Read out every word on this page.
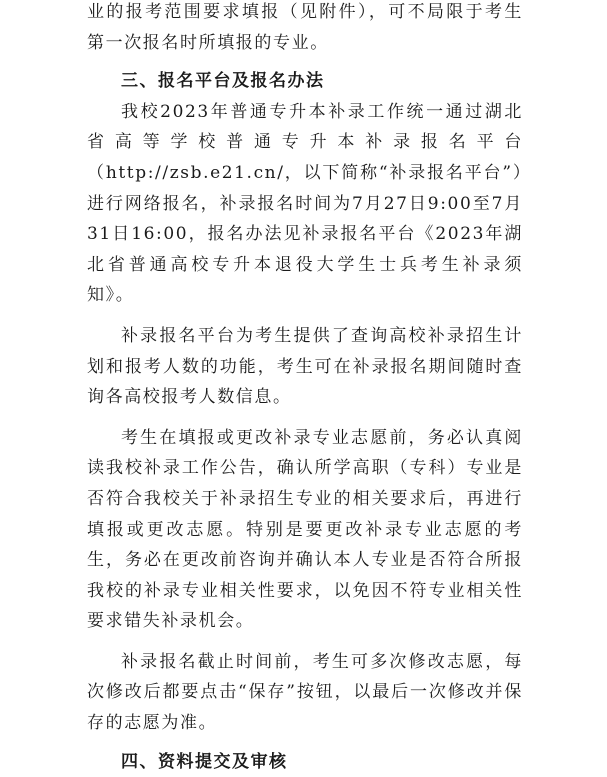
业的报考范围要求填报（见附件），可不局限于考生第一次报名时所填报的专业。

三、报名平台及报名办法

我校2023年普通专升本补录工作统一通过湖北省高等学校普通专升本补录报名平台（http://zsb.e21.cn/，以下简称“补录报名平台”）进行网络报名，补录报名时间为7月27日9:00至7月31日16:00，报名办法见补录报名平台《2023年湖北省普通高校专升本退役大学生士兵考生补录须知》。

补录报名平台为考生提供了查询高校补录招生计划和报考人数的功能，考生可在补录报名期间随时查询各高校报考人数信息。

考生在填报或更改补录专业志愿前，务必认真阅读我校补录工作公告，确认所学高职（专科）专业是否符合我校关于补录招生专业的相关要求后，再进行填报或更改志愿。特别是要更改补录专业志愿的考生，务必在更改前咨询并确认本人专业是否符合所报我校的补录专业相关性要求，以免因不符专业相关性要求错失补录机会。

补录报名截止时间前，考生可多次修改志愿，每次修改后都要点击“保存”按钮，以最后一次修改并保存的志愿为准。

四、资料提交及审核
